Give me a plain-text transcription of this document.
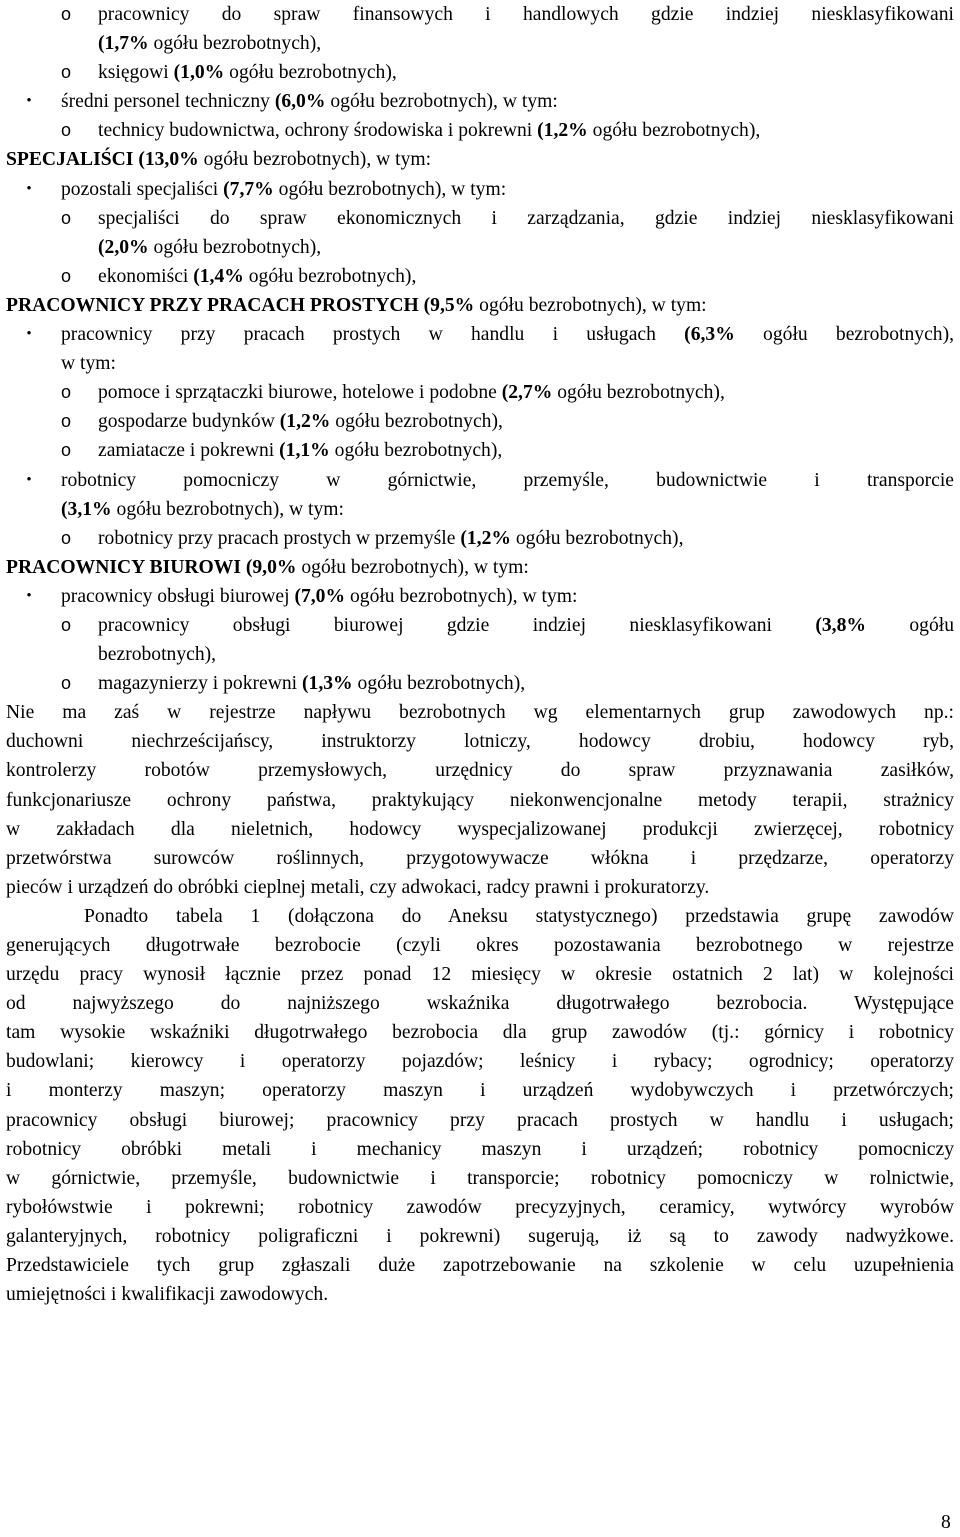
o pracownicy do spraw finansowych i handlowych gdzie indziej niesklasyfikowani
(1,7% ogółu bezrobotnych),
o księgowi (1,0% ogółu bezrobotnych),
• średni personel techniczny (6,0% ogółu bezrobotnych), w tym:
o technicy budownictwa, ochrony środowiska i pokrewni (1,2% ogółu bezrobotnych),
SPECJALIŚCI (13,0% ogółu bezrobotnych), w tym:
• pozostali specjaliści (7,7% ogółu bezrobotnych), w tym:
o specjaliści do spraw ekonomicznych i zarządzania, gdzie indziej niesklasyfikowani
(2,0% ogółu bezrobotnych),
o ekonomiści (1,4% ogółu bezrobotnych),
PRACOWNICY PRZY PRACACH PROSTYCH (9,5% ogółu bezrobotnych), w tym:
• pracownicy przy pracach prostych w handlu i usługach (6,3% ogółu bezrobotnych),
w tym:
o pomoce i sprzątaczki biurowe, hotelowe i podobne (2,7% ogółu bezrobotnych),
o gospodarze budynków (1,2% ogółu bezrobotnych),
o zamiatacze i pokrewni (1,1% ogółu bezrobotnych),
• robotnicy pomocniczy w górnictwie, przemyśle, budownictwie i transporcie
(3,1% ogółu bezrobotnych), w tym:
o robotnicy przy pracach prostych w przemyśle (1,2% ogółu bezrobotnych),
PRACOWNICY BIUROWI (9,0% ogółu bezrobotnych), w tym:
• pracownicy obsługi biurowej (7,0% ogółu bezrobotnych), w tym:
o pracownicy obsługi biurowej gdzie indziej niesklasyfikowani (3,8% ogółu
bezrobotnych),
o magazynierzy i pokrewni (1,3% ogółu bezrobotnych),
Nie ma zaś w rejestrze napływu bezrobotnych wg elementarnych grup zawodowych np.:
duchowni niechrześcijańscy, instruktorzy lotniczy, hodowcy drobiu, hodowcy ryb,
kontrolerzy robotów przemysłowych, urzędnicy do spraw przyznawania zasiłków,
funkcjonariusze ochrony państwa, praktykujący niekonwencjonalne metody terapii, strażnicy
w zakładach dla nieletnich, hodowcy wyspecjalizowanej produkcji zwierzęcej, robotnicy
przetwórstwa surowców roślinnych, przygotowywacze włókna i przędzarze, operatorzy
pieców i urządzeń do obróbki cieplnej metali, czy adwokaci, radcy prawni i prokuratorzy.
Ponadto tabela 1 (dołączona do Aneksu statystycznego) przedstawia grupę zawodów
generujących długotrwałe bezrobocie (czyli okres pozostawania bezrobotnego w rejestrze
urzędu pracy wynosił łącznie przez ponad 12 miesięcy w okresie ostatnich 2 lat) w kolejności
od najwyższego do najniższego wskaźnika długotrwałego bezrobocia. Występujące
tam wysokie wskaźniki długotrwałego bezrobocia dla grup zawodów (tj.: górnicy i robotnicy
budowlani; kierowcy i operatorzy pojazdów; leśnicy i rybacy; ogrodnicy; operatorzy
i monterzy maszyn; operatorzy maszyn i urządzeń wydobywczych i przetwórczych;
pracownicy obsługi biurowej; pracownicy przy pracach prostych w handlu i usługach;
robotnicy obróbki metali i mechanicy maszyn i urządzeń; robotnicy pomocniczy
w górnictwie, przemyśle, budownictwie i transporcie; robotnicy pomocniczy w rolnictwie,
rybołówstwie i pokrewni; robotnicy zawodów precyzyjnych, ceramicy, wytwórcy wyrobów
galanteryjnych, robotnicy poligraficzni i pokrewni) sugerują, iż są to zawody nadwyżkowe.
Przedstawiciele tych grup zgłaszali duże zapotrzebowanie na szkolenie w celu uzupełnienia
umiejętności i kwalifikacji zawodowych.
8
